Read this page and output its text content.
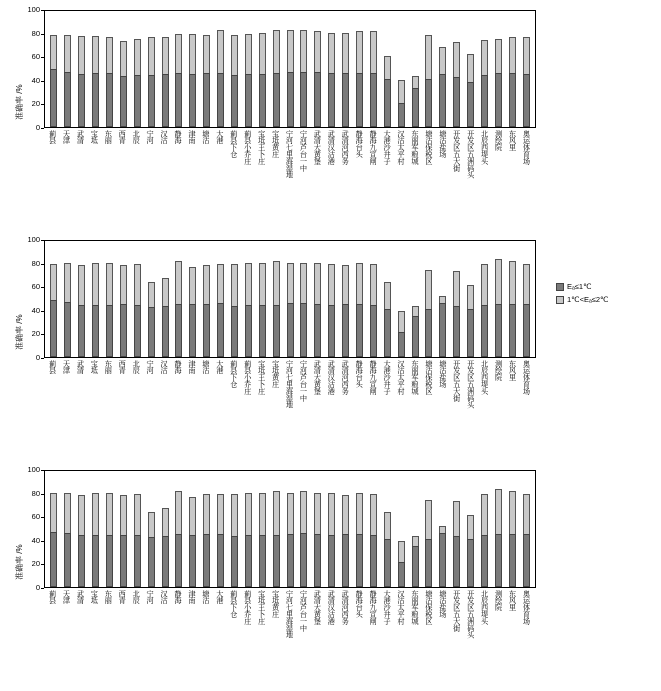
准确率 /%
0
20
40
60
80
100
蓟县 天津 武清 宝坻 东丽 西青 北辰 宁河 汉沽 静海 津南 塘沽 大港 蓟县下仓 蓟县小乔庄 宝坻王卜庄 宝坻黄庄 宁河七里海湿地 宁河芦台一中 武清大黄堡 武清汉沽港 武清河西务 静海台头 静海九宣闸 大港沙井子 汉沽太平村 东丽军粮城 塘沽保税区 塘沽盐场 开发区五大街 开发区五洲码头 北辰西堤头 测绘院 东风里 奥运体育场
准确率 /%
0
20
40
60
80
100
蓟县 天津 武清 宝坻 东丽 西青 北辰 宁河 汉沽 静海 津南 塘沽 大港 蓟县下仓 蓟县小乔庄 宝坻王卜庄 宝坻黄庄 宁河七里海湿地 宁河芦台一中 武清大黄堡 武清汉沽港 武清河西务 静海台头 静海九宣闸 大港沙井子 汉沽太平村 东丽军粮城 塘沽保税区 塘沽盐场 开发区五大街 开发区五洲码头 北辰西堤头 测绘院 东风里 奥运体育场
Eₐ≤1℃
1℃<Eₐ≤2℃
准确率 /%
0
20
40
60
80
100
蓟县 天津 武清 宝坻 东丽 西青 北辰 宁河 汉沽 静海 津南 塘沽 大港 蓟县下仓 蓟县小乔庄 宝坻王卜庄 宝坻黄庄 宁河七里海湿地 宁河芦台一中 武清大黄堡 武清汉沽港 武清河西务 静海台头 静海九宣闸 大港沙井子 汉沽太平村 东丽军粮城 塘沽保税区 塘沽盐场 开发区五大街 开发区五洲码头 北辰西堤头 测绘院 东风里 奥运体育场
